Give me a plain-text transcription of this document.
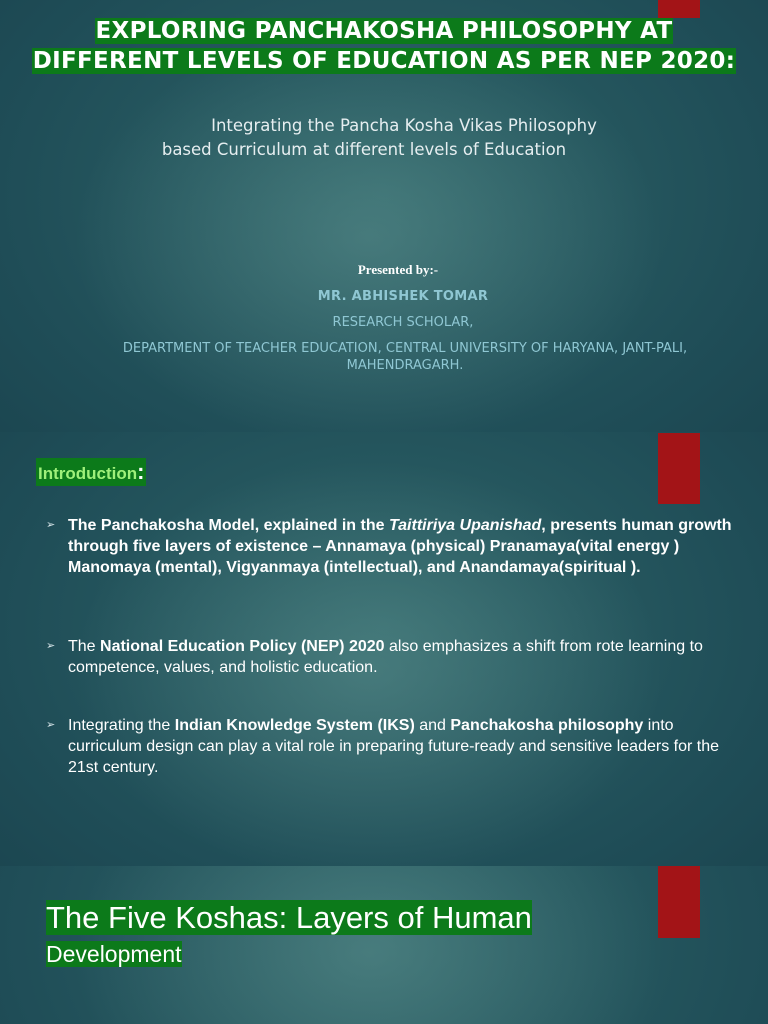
EXPLORING PANCHAKOSHA PHILOSOPHY AT DIFFERENT LEVELS OF EDUCATION AS PER NEP 2020:
Integrating the Pancha Kosha Vikas Philosophy
based Curriculum at different levels of Education
Presented by:-
MR. ABHISHEK TOMAR
RESEARCH SCHOLAR,
DEPARTMENT OF TEACHER EDUCATION, CENTRAL UNIVERSITY OF HARYANA, JANT-PALI, MAHENDRAGARH.
Introduction:
➢ The Panchakosha Model, explained in the Taittiriya Upanishad, presents human growth through five layers of existence – Annamaya (physical) Pranamaya(vital energy ) Manomaya (mental), Vigyanmaya (intellectual), and Anandamaya(spiritual ).
➢ The National Education Policy (NEP) 2020 also emphasizes a shift from rote learning to competence, values, and holistic education.
➢ Integrating the Indian Knowledge System (IKS) and Panchakosha philosophy into curriculum design can play a vital role in preparing future-ready and sensitive leaders for the 21st century.
The Five Koshas: Layers of Human
Development
